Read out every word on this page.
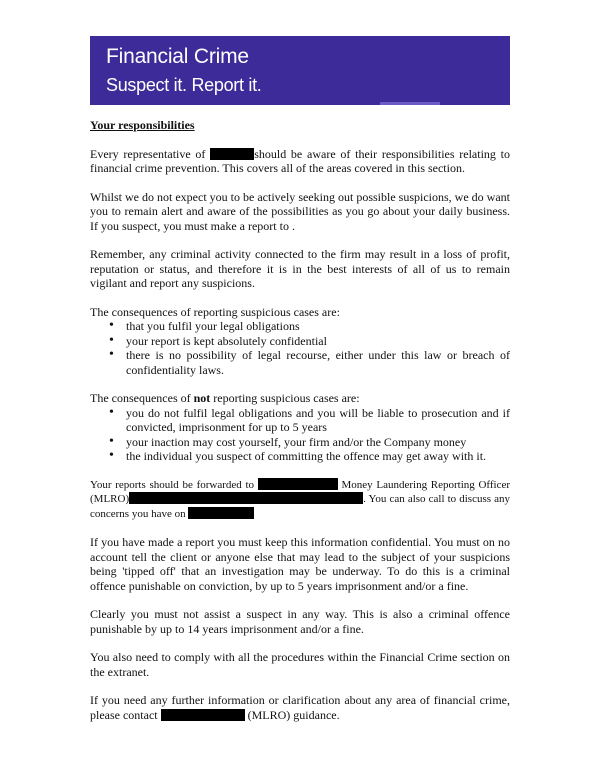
Financial Crime
Suspect it. Report it.

Your responsibilities

Every representative of	should be aware of their responsibilities relating to financial crime prevention. This covers all of the areas covered in this section.

Whilst we do not expect you to be actively seeking out possible suspicions, we do want you to remain alert and aware of the possibilities as you go about your daily business. If you suspect, you must make a report to .

Remember, any criminal activity connected to the firm may result in a loss of profit, reputation or status, and therefore it is in the best interests of all of us to remain vigilant and report any suspicions.

The consequences of reporting suspicious cases are:

• that you fulfil your legal obligations
• your report is kept absolutely confidential
• there is no possibility of legal recourse, either under this law or breach of confidentiality laws.

The consequences of not reporting suspicious cases are:

• you do not fulfil legal obligations and you will be liable to prosecution and if convicted, imprisonment for up to 5 years
• your inaction may cost yourself, your firm and/or the Company money
• the individual you suspect of committing the offence may get away with it.

Your reports should be forwarded to	Money Laundering Reporting Officer (MLRO)	. You can also call to discuss any concerns you have on

If you have made a report you must keep this information confidential. You must on no account tell the client or anyone else that may lead to the subject of your suspicions being 'tipped off' that an investigation may be underway. To do this is a criminal offence punishable on conviction, by up to 5 years imprisonment and/or a fine.

Clearly you must not assist a suspect in any way. This is also a criminal offence punishable by up to 14 years imprisonment and/or a fine.

You also need to comply with all the procedures within the Financial Crime section on the extranet.

If you need any further information or clarification about any area of financial crime, please contact	(MLRO) guidance.
